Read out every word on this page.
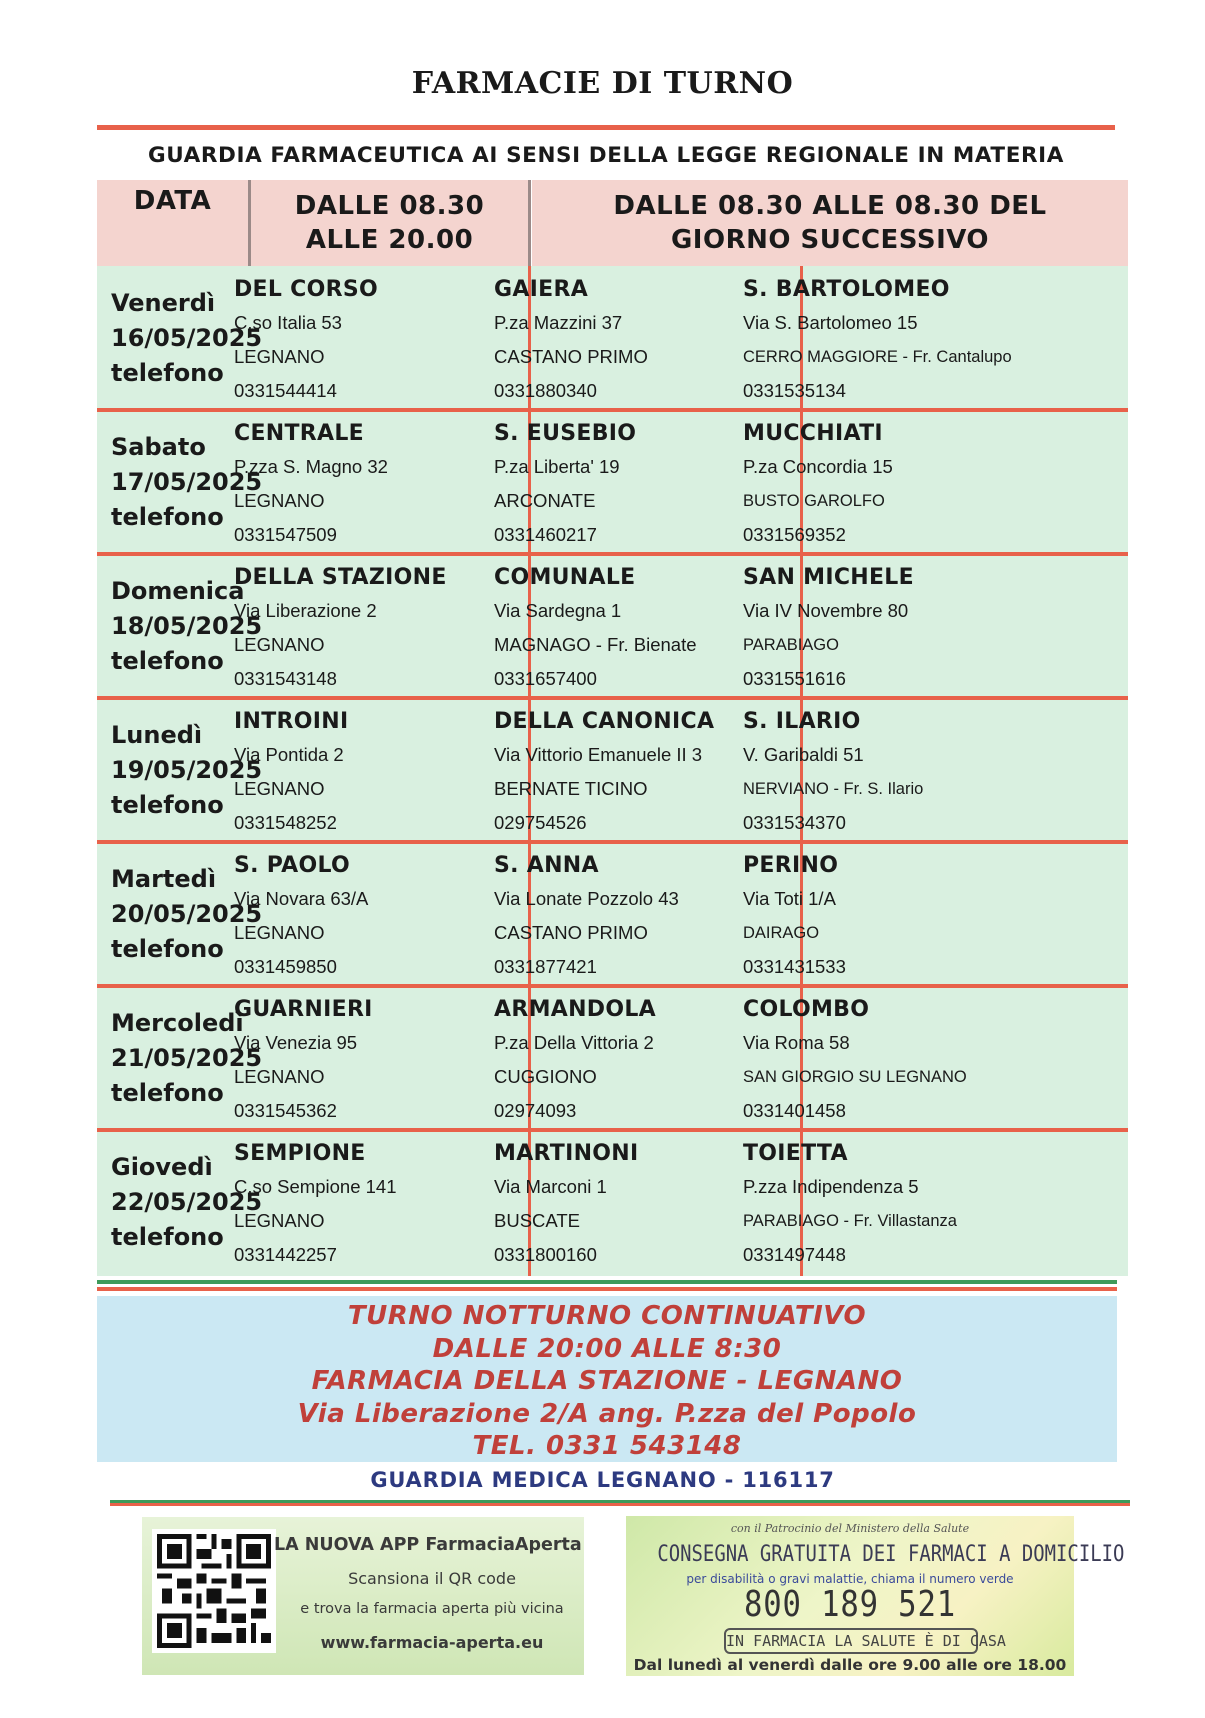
FARMACIE DI TURNO
GUARDIA FARMACEUTICA AI SENSI DELLA LEGGE REGIONALE IN MATERIA
DATA	DALLE 08.30
ALLE 20.00
DALLE 08.30 ALLE 08.30 DEL
GIORNO SUCCESSIVO
Venerdì
16/05/2025
telefono
DEL CORSO
C.so Italia 53
LEGNANO
0331544414
GAIERA
P.za Mazzini 37
CASTANO PRIMO
0331880340
S. BARTOLOMEO
Via S. Bartolomeo 15
CERRO MAGGIORE - Fr. Cantalupo
0331535134
Sabato
17/05/2025
telefono
CENTRALE
P.zza S. Magno 32
LEGNANO
0331547509
S. EUSEBIO
P.za Liberta' 19
ARCONATE
0331460217
MUCCHIATI
P.za Concordia 15
BUSTO GAROLFO
0331569352
Domenica
18/05/2025
telefono
DELLA STAZIONE
Via Liberazione 2
LEGNANO
0331543148
COMUNALE
Via Sardegna 1
MAGNAGO - Fr. Bienate
0331657400
SAN MICHELE
Via IV Novembre 80
PARABIAGO
0331551616
Lunedì
19/05/2025
telefono
INTROINI
Via Pontida 2
LEGNANO
0331548252
DELLA CANONICA
Via Vittorio Emanuele II 3
BERNATE TICINO
029754526
S. ILARIO
V. Garibaldi 51
NERVIANO - Fr. S. Ilario
0331534370
Martedì
20/05/2025
telefono
S. PAOLO
Via Novara 63/A
LEGNANO
0331459850
S. ANNA
Via Lonate Pozzolo 43
CASTANO PRIMO
0331877421
PERINO
Via Toti 1/A
DAIRAGO
0331431533
Mercoledì
21/05/2025
telefono
GUARNIERI
Via Venezia 95
LEGNANO
0331545362
ARMANDOLA
P.za Della Vittoria 2
CUGGIONO
02974093
COLOMBO
Via Roma 58
SAN GIORGIO SU LEGNANO
0331401458
Giovedì
22/05/2025
telefono
SEMPIONE
C.so Sempione 141
LEGNANO
0331442257
MARTINONI
Via Marconi 1
BUSCATE
0331800160
TOIETTA
P.zza Indipendenza 5
PARABIAGO - Fr. Villastanza
0331497448
TURNO NOTTURNO CONTINUATIVO
DALLE 20:00 ALLE 8:30
FARMACIA DELLA STAZIONE - LEGNANO
Via Liberazione 2/A ang. P.zza del Popolo
TEL. 0331 543148
GUARDIA MEDICA LEGNANO - 116117
LA NUOVA APP FarmaciaAperta
Scansiona il QR code
e trova la farmacia aperta più vicina
www.farmacia-aperta.eu
con il Patrocinio del Ministero della Salute
CONSEGNA GRATUITA DEI FARMACI A DOMICILIO
per disabilità o gravi malattie, chiama il numero verde
800 189 521
IN FARMACIA LA SALUTE È DI CASA
Dal lunedì al venerdì dalle ore 9.00 alle ore 18.00
